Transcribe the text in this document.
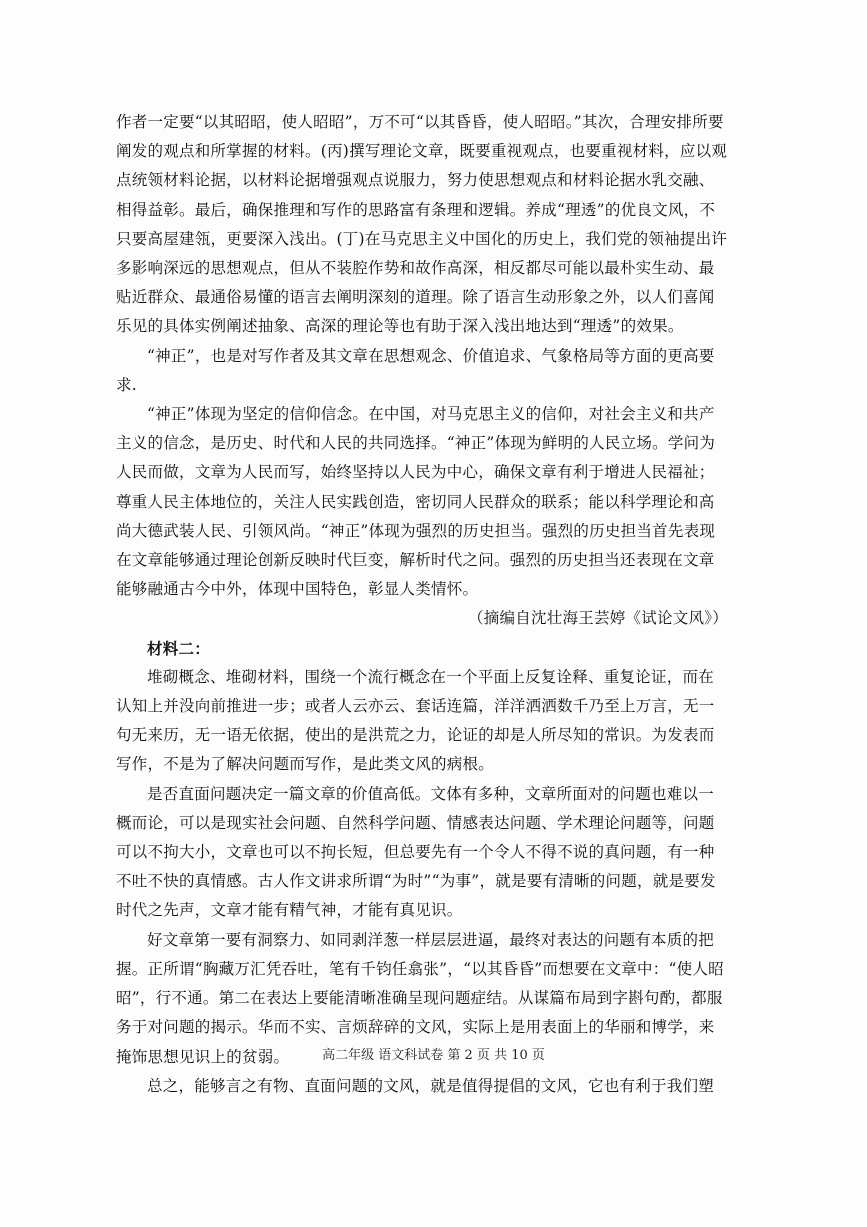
作者一定要“以其昭昭，使人昭昭”，万不可“以其昏昏，使人昭昭。”其次，合理安排所要阐发的观点和所掌握的材料。(丙)撰写理论文章，既要重视观点，也要重视材料，应以观点统领材料论据，以材料论据增强观点说服力，努力使思想观点和材料论据水乳交融、相得益彰。最后，确保推理和写作的思路富有条理和逻辑。养成“理透”的优良文风，不只要高屋建瓴，更要深入浅出。(丁)在马克思主义中国化的历史上，我们党的领袖提出许多影响深远的思想观点，但从不装腔作势和故作高深，相反都尽可能以最朴实生动、最贴近群众、最通俗易懂的语言去阐明深刻的道理。除了语言生动形象之外，以人们喜闻乐见的具体实例阐述抽象、高深的理论等也有助于深入浅出地达到“理透”的效果。

“神正”，也是对写作者及其文章在思想观念、价值追求、气象格局等方面的更高要求.

“神正”体现为坚定的信仰信念。在中国，对马克思主义的信仰，对社会主义和共产主义的信念，是历史、时代和人民的共同选择。“神正”体现为鲜明的人民立场。学问为人民而做，文章为人民而写，始终坚持以人民为中心，确保文章有利于增进人民福祉；尊重人民主体地位的，关注人民实践创造，密切同人民群众的联系；能以科学理论和高尚大德武装人民、引领风尚。“神正”体现为强烈的历史担当。强烈的历史担当首先表现在文章能够通过理论创新反映时代巨变，解析时代之问。强烈的历史担当还表现在文章能够融通古今中外，体现中国特色，彰显人类情怀。

（摘编自沈壮海王芸婷《试论文风》）

材料二：

堆砌概念、堆砌材料，围绕一个流行概念在一个平面上反复诠释、重复论证，而在认知上并没向前推进一步；或者人云亦云、套话连篇，洋洋洒洒数千乃至上万言，无一句无来历，无一语无依据，使出的是洪荒之力，论证的却是人所尽知的常识。为发表而写作，不是为了解决问题而写作，是此类文风的病根。

是否直面问题决定一篇文章的价值高低。文体有多种，文章所面对的问题也难以一概而论，可以是现实社会问题、自然科学问题、情感表达问题、学术理论问题等，问题可以不拘大小，文章也可以不拘长短，但总要先有一个令人不得不说的真问题，有一种不吐不快的真情感。古人作文讲求所谓“为时”“为事”，就是要有清晰的问题，就是要发时代之先声，文章才能有精气神，才能有真见识。

好文章第一要有洞察力、如同剥洋葱一样层层进逼，最终对表达的问题有本质的把握。正所谓“胸藏万汇凭吞吐，笔有千钧任翕张”，“以其昏昏”而想要在文章中：“使人昭昭”，行不通。第二在表达上要能清晰准确呈现问题症结。从谋篇布局到字斟句酌，都服务于对问题的揭示。华而不实、言烦辞碎的文风，实际上是用表面上的华丽和博学，来掩饰思想见识上的贫弱。

总之，能够言之有物、直面问题的文风，就是值得提倡的文风，它也有利于我们塑

高二年级 语文科试卷 第 2 页 共 10 页
